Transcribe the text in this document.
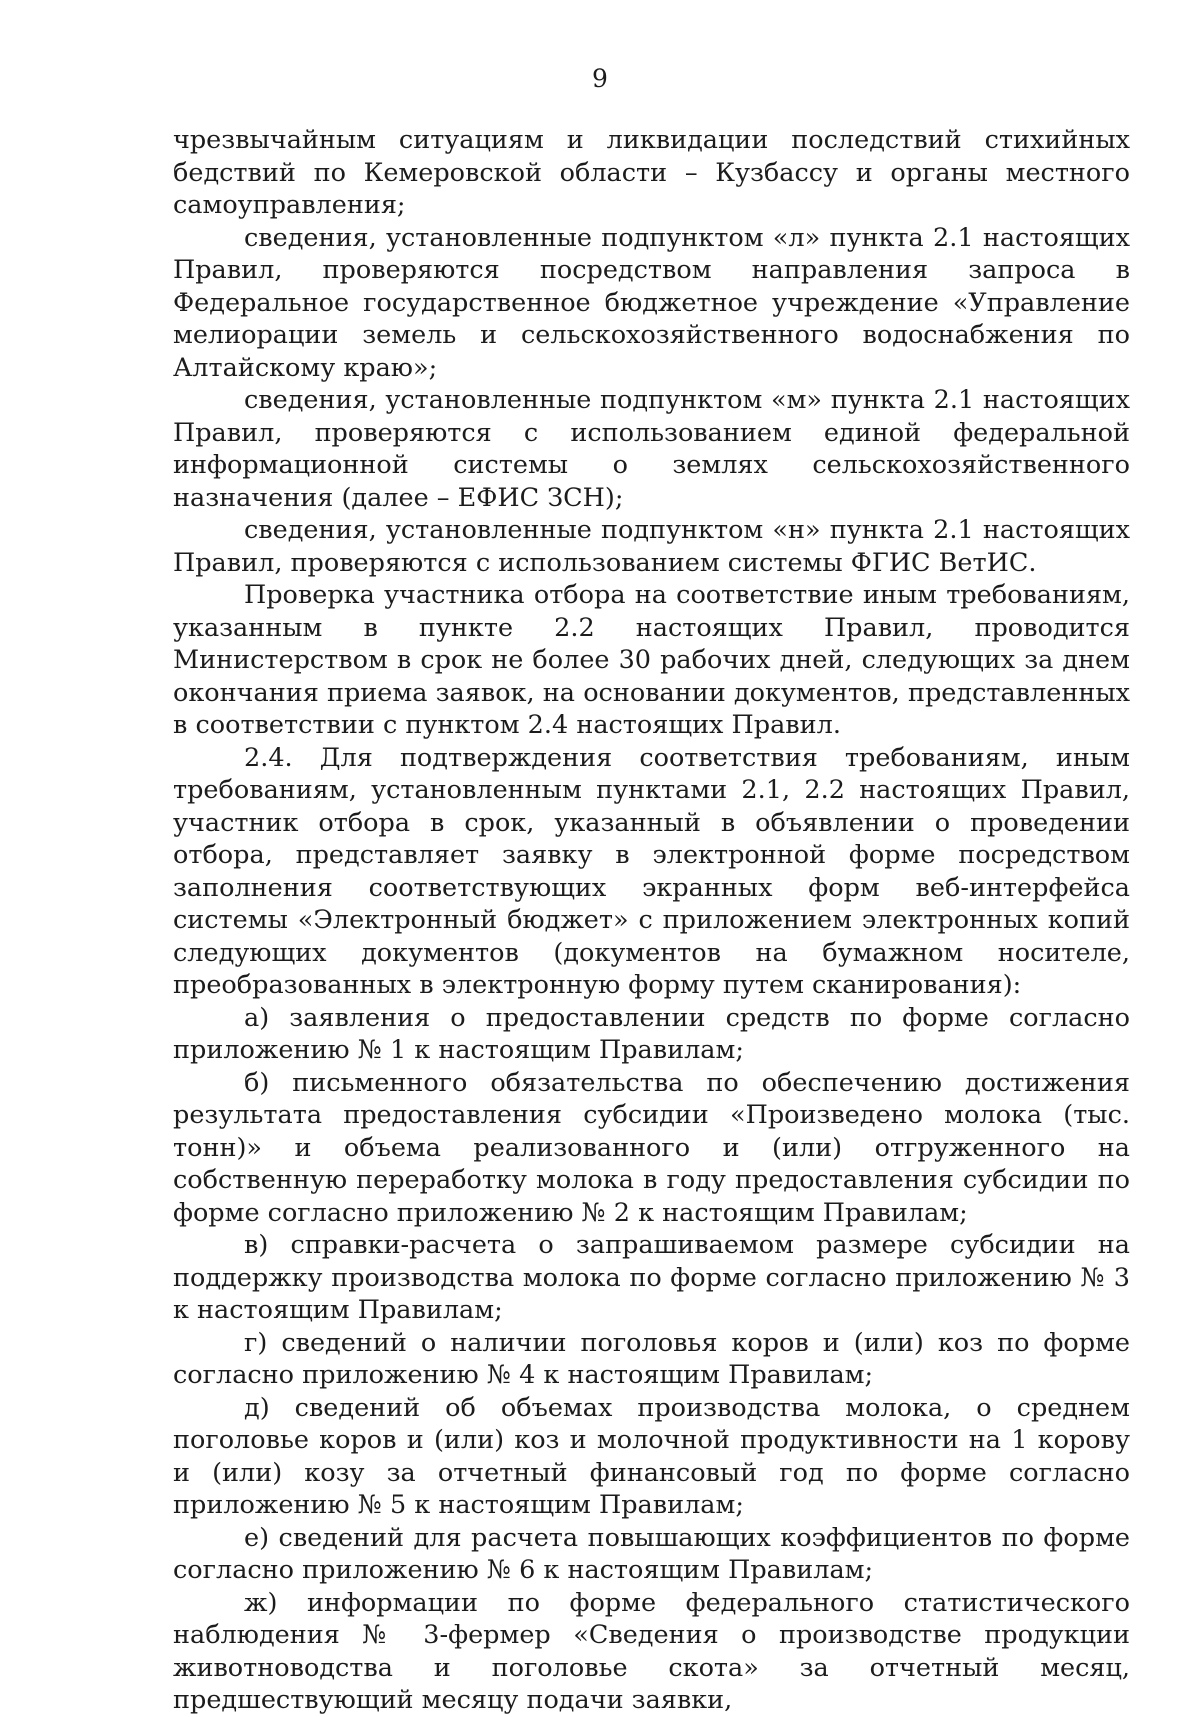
9

чрезвычайным ситуациям и ликвидации последствий стихийных бедствий по Кемеровской области – Кузбассу и органы местного самоуправления;

сведения, установленные подпунктом «л» пункта 2.1 настоящих Правил, проверяются посредством направления запроса в Федеральное государственное бюджетное учреждение «Управление мелиорации земель и сельскохозяйственного водоснабжения по Алтайскому краю»;

сведения, установленные подпунктом «м» пункта 2.1 настоящих Правил, проверяются с использованием единой федеральной информационной системы о землях сельскохозяйственного назначения (далее – ЕФИС ЗСН);

сведения, установленные подпунктом «н» пункта 2.1 настоящих Правил, проверяются с использованием системы ФГИС ВетИС.

Проверка участника отбора на соответствие иным требованиям, указанным в пункте 2.2 настоящих Правил, проводится Министерством в срок не более 30 рабочих дней, следующих за днем окончания приема заявок, на основании документов, представленных в соответствии с пунктом 2.4 настоящих Правил.

2.4. Для подтверждения соответствия требованиям, иным требованиям, установленным пунктами 2.1, 2.2 настоящих Правил, участник отбора в срок, указанный в объявлении о проведении отбора, представляет заявку в электронной форме посредством заполнения соответствующих экранных форм веб-интерфейса системы «Электронный бюджет» с приложением электронных копий следующих документов (документов на бумажном носителе, преобразованных в электронную форму путем сканирования):

а) заявления о предоставлении средств по форме согласно приложению № 1 к настоящим Правилам;

б) письменного обязательства по обеспечению достижения результата предоставления субсидии «Произведено молока (тыс. тонн)» и объема реализованного и (или) отгруженного на собственную переработку молока в году предоставления субсидии по форме согласно приложению № 2 к настоящим Правилам;

в) справки-расчета о запрашиваемом размере субсидии на поддержку производства молока по форме согласно приложению № 3 к настоящим Правилам;

г) сведений о наличии поголовья коров и (или) коз по форме согласно приложению № 4 к настоящим Правилам;

д) сведений об объемах производства молока, о среднем поголовье коров и (или) коз и молочной продуктивности на 1 корову и (или) козу за отчетный финансовый год по форме согласно приложению № 5 к настоящим Правилам;

е) сведений для расчета повышающих коэффициентов по форме согласно приложению № 6 к настоящим Правилам;

ж) информации по форме федерального статистического наблюдения № 3-фермер «Сведения о производстве продукции животноводства и поголовье скота» за отчетный месяц, предшествующий месяцу подачи заявки,
